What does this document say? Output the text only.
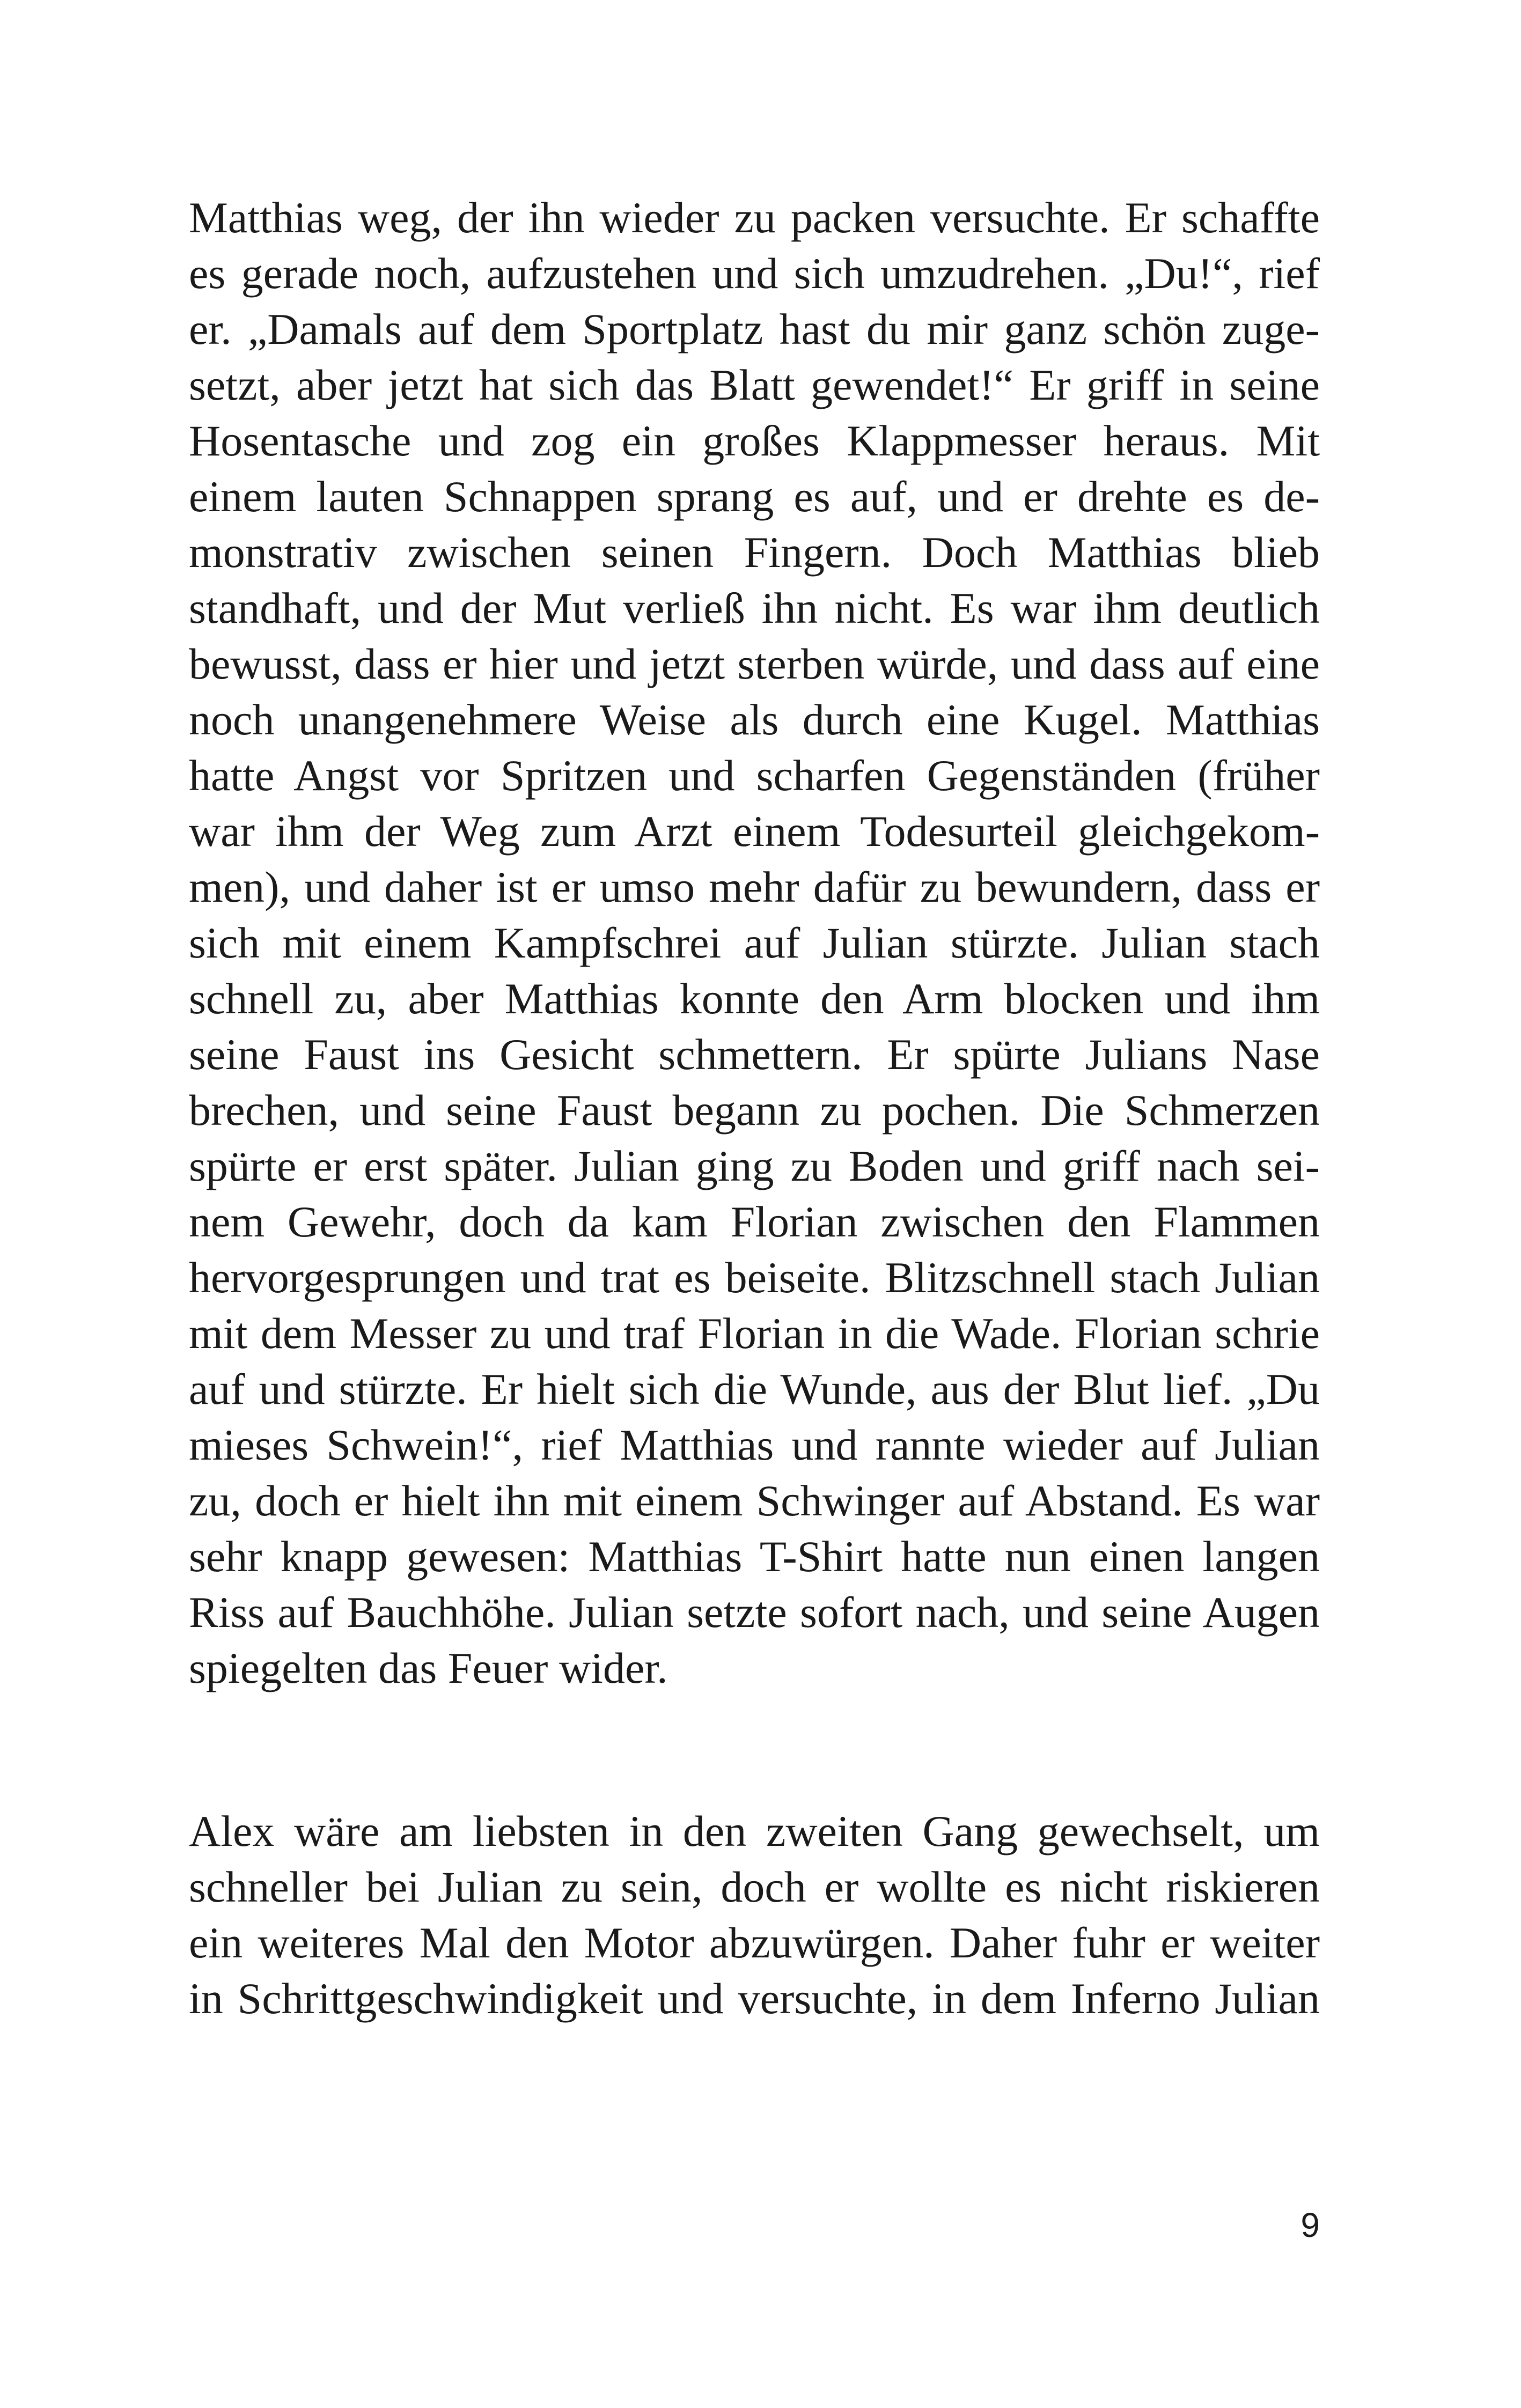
Matthias weg, der ihn wieder zu packen versuchte. Er schaffte
es gerade noch, aufzustehen und sich umzudrehen. „Du!“, rief
er. „Damals auf dem Sportplatz hast du mir ganz schön zuge-
setzt, aber jetzt hat sich das Blatt gewendet!“ Er griff in seine
Hosentasche und zog ein großes Klappmesser heraus. Mit
einem lauten Schnappen sprang es auf, und er drehte es de-
monstrativ zwischen seinen Fingern. Doch Matthias blieb
standhaft, und der Mut verließ ihn nicht. Es war ihm deutlich
bewusst, dass er hier und jetzt sterben würde, und dass auf eine
noch unangenehmere Weise als durch eine Kugel. Matthias
hatte Angst vor Spritzen und scharfen Gegenständen (früher
war ihm der Weg zum Arzt einem Todesurteil gleichgekom-
men), und daher ist er umso mehr dafür zu bewundern, dass er
sich mit einem Kampfschrei auf Julian stürzte. Julian stach
schnell zu, aber Matthias konnte den Arm blocken und ihm
seine Faust ins Gesicht schmettern. Er spürte Julians Nase
brechen, und seine Faust begann zu pochen. Die Schmerzen
spürte er erst später. Julian ging zu Boden und griff nach sei-
nem Gewehr, doch da kam Florian zwischen den Flammen
hervorgesprungen und trat es beiseite. Blitzschnell stach Julian
mit dem Messer zu und traf Florian in die Wade. Florian schrie
auf und stürzte. Er hielt sich die Wunde, aus der Blut lief. „Du
mieses Schwein!“, rief Matthias und rannte wieder auf Julian
zu, doch er hielt ihn mit einem Schwinger auf Abstand. Es war
sehr knapp gewesen: Matthias T-Shirt hatte nun einen langen
Riss auf Bauchhöhe. Julian setzte sofort nach, und seine Augen
spiegelten das Feuer wider.
Alex wäre am liebsten in den zweiten Gang gewechselt, um
schneller bei Julian zu sein, doch er wollte es nicht riskieren
ein weiteres Mal den Motor abzuwürgen. Daher fuhr er weiter
in Schrittgeschwindigkeit und versuchte, in dem Inferno Julian
9
